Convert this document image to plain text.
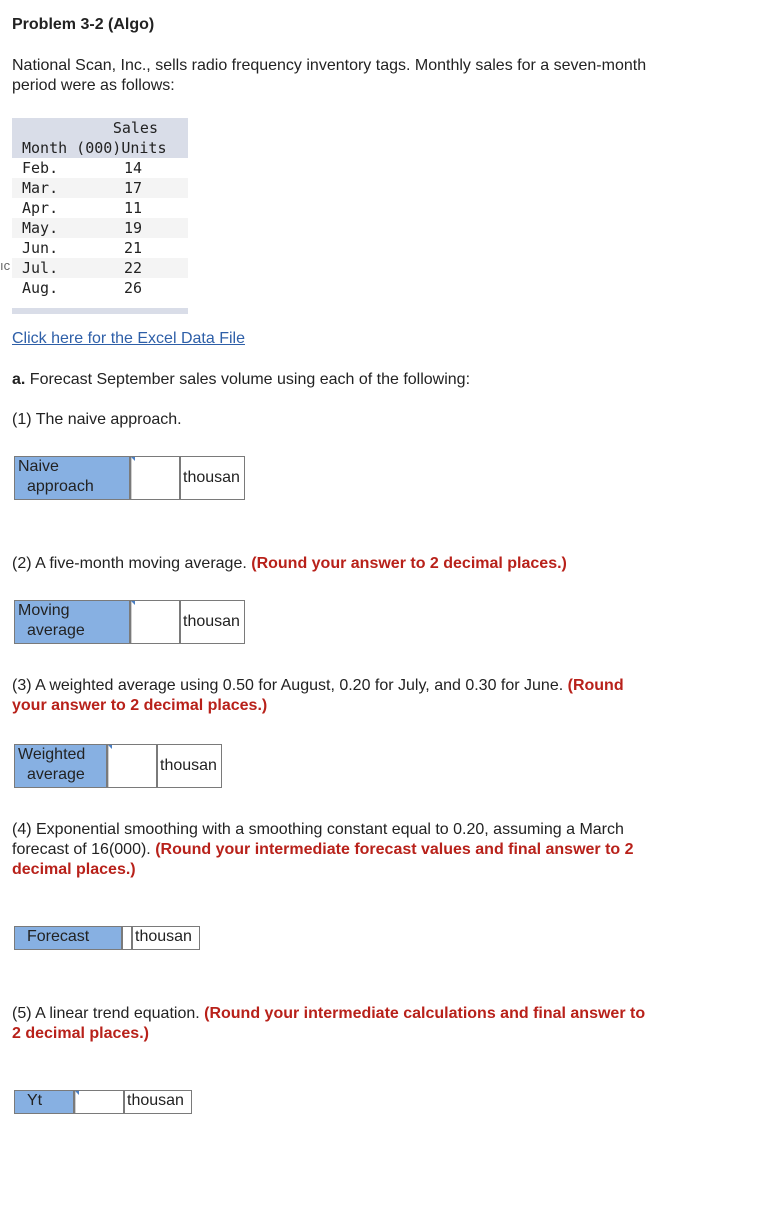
Problem 3-2 (Algo)
National Scan, Inc., sells radio frequency inventory tags. Monthly sales for a seven-month period were as follows:
Sales
Month (000)Units
Feb.	14
Mar.	17
Apr.	11
May.	19
Jun.	21
Jul.	22
Aug.	26
ıc
Click here for the Excel Data File
a. Forecast September sales volume using each of the following:
(1) The naive approach.
Naive approach
thousan
(2) A five-month moving average. (Round your answer to 2 decimal places.)
Moving average
thousan
(3) A weighted average using 0.50 for August, 0.20 for July, and 0.30 for June. (Round your answer to 2 decimal places.)
Weighted average
thousan
(4) Exponential smoothing with a smoothing constant equal to 0.20, assuming a March forecast of 16(000). (Round your intermediate forecast values and final answer to 2 decimal places.)
Forecast	thousan
(5) A linear trend equation. (Round your intermediate calculations and final answer to 2 decimal places.)
Yt	thousan
